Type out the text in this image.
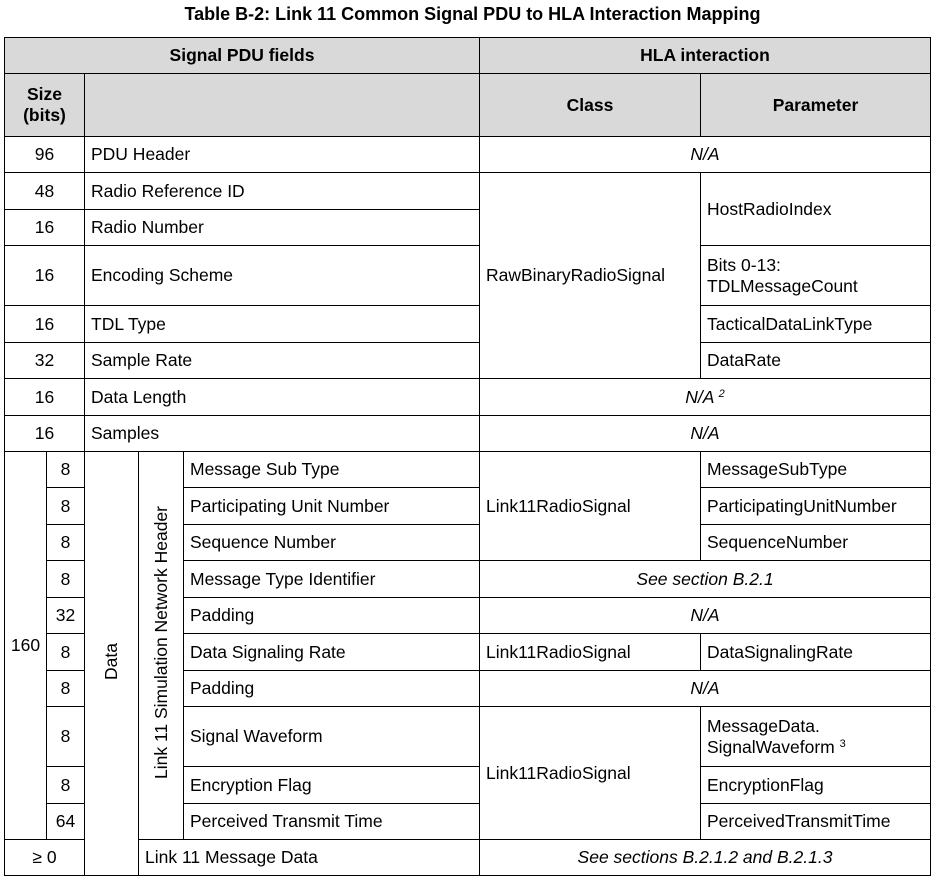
Table B-2: Link 11 Common Signal PDU to HLA Interaction Mapping
Signal PDU fields					HLA interaction	
Size (bits)					Class	Parameter
96		PDU Header			N/A	
48		Radio Reference ID			RawBinaryRadioSignal	HostRadioIndex
16		Radio Number				
16		Encoding Scheme				Bits 0-13:
TDLMessageCount
16		TDL Type				TacticalDataLinkType
32		Sample Rate				DataRate
16		Data Length			N/A $^2$
16		Samples			N/A	
160	8	Data	Link 11 Simulation Network Header	Message Sub Type	Link11RadioSignal	MessageSubType
	8			Participating Unit Number		ParticipatingUnitNumber
	8			Sequence Number		SequenceNumber
	8			Message Type Identifier	See section B.2.1	
	32			Padding	N/A	
	8			Data Signaling Rate	Link11RadioSignal	DataSignalingRate
	8			Padding	N/A	
	8			Signal Waveform	Link11RadioSignal	MessageData.
SignalWaveform $^3$
	8			Encryption Flag		EncryptionFlag
	64			Perceived Transmit Time		PerceivedTransmitTime
≥ 0			Link 11 Message Data		See sections B.2.1.2 and B.2.1.3	
